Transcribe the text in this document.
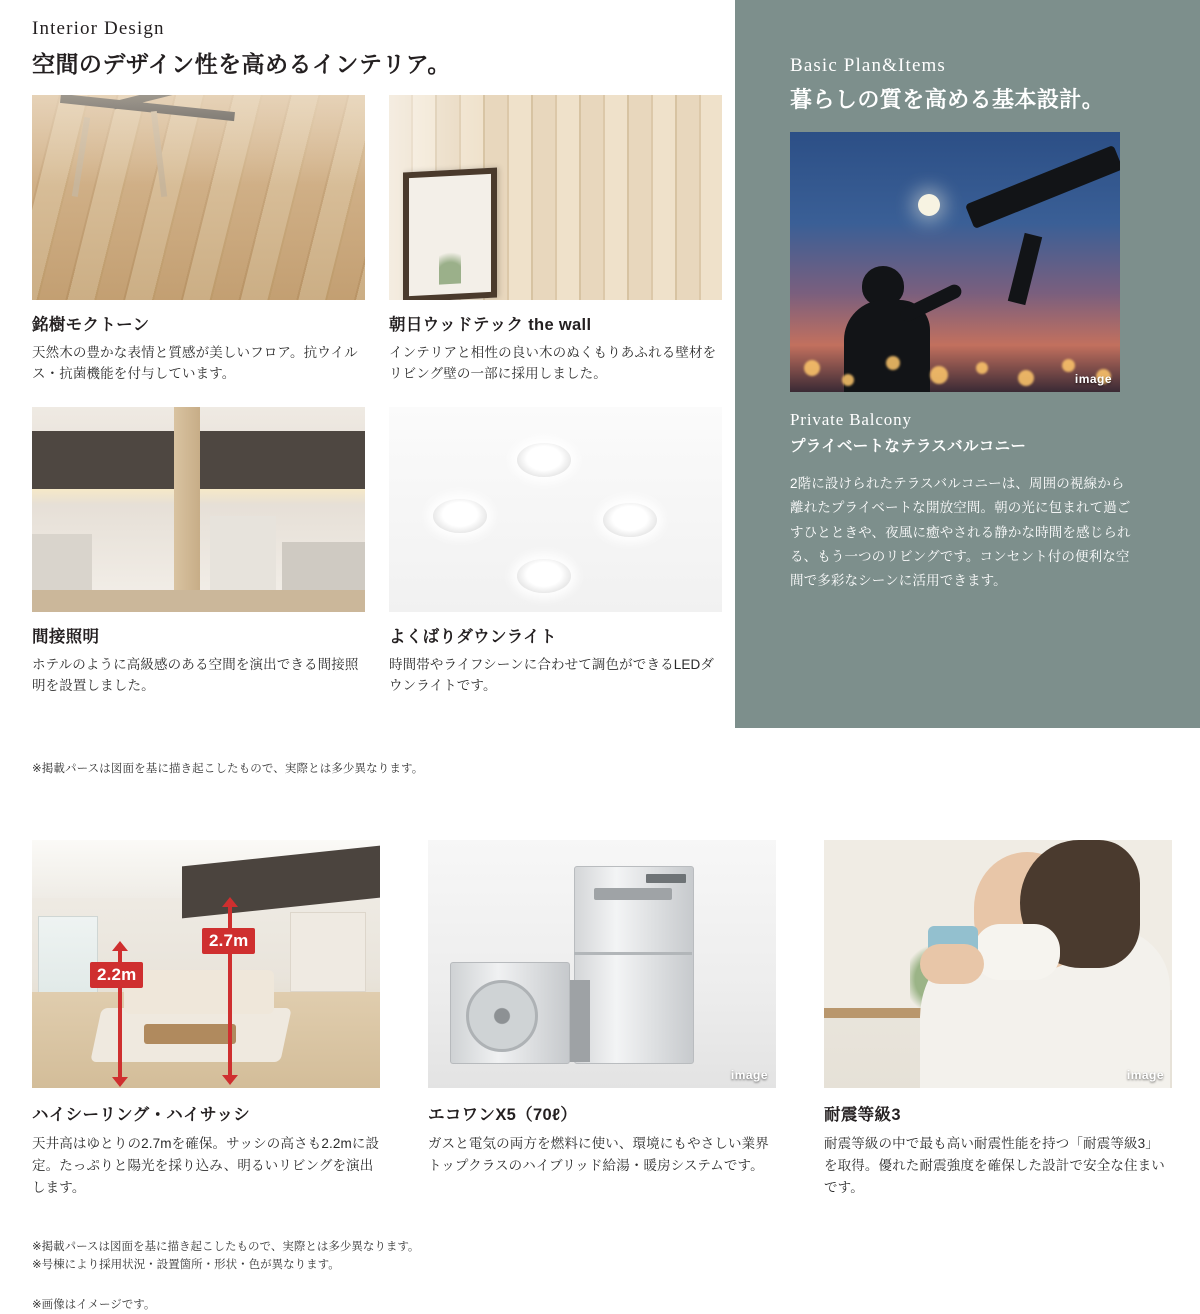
Interior Design
空間のデザイン性を高めるインテリア。
銘樹モクトーン
天然木の豊かな表情と質感が美しいフロア。抗ウイルス・抗菌機能を付与しています。
朝日ウッドテック the wall
インテリアと相性の良い木のぬくもりあふれる壁材をリビング壁の一部に採用しました。
間接照明
ホテルのように高級感のある空間を演出できる間接照明を設置しました。
よくばりダウンライト
時間帯やライフシーンに合わせて調色ができるLEDダウンライトです。
※掲載パースは図面を基に描き起こしたもので、実際とは多少異なります。
Basic Plan&Items
暮らしの質を高める基本設計。
image
Private Balcony
プライベートなテラスバルコニー
2階に設けられたテラスバルコニーは、周囲の視線から離れたプライベートな開放空間。朝の光に包まれて過ごすひとときや、夜風に癒やされる静かな時間を感じられる、もう一つのリビングです。コンセント付の便利な空間で多彩なシーンに活用できます。
2.7m
2.2m
ハイシーリング・ハイサッシ
天井高はゆとりの2.7mを確保。サッシの高さも2.2mに設定。たっぷりと陽光を採り込み、明るいリビングを演出します。
image
エコワンX5（70ℓ）
ガスと電気の両方を燃料に使い、環境にもやさしい業界トップクラスのハイブリッド給湯・暖房システムです。
image
耐震等級3
耐震等級の中で最も高い耐震性能を持つ「耐震等級3」を取得。優れた耐震強度を確保した設計で安全な住まいです。
※掲載パースは図面を基に描き起こしたもので、実際とは多少異なります。
※号棟により採用状況・設置箇所・形状・色が異なります。
※画像はイメージです。
